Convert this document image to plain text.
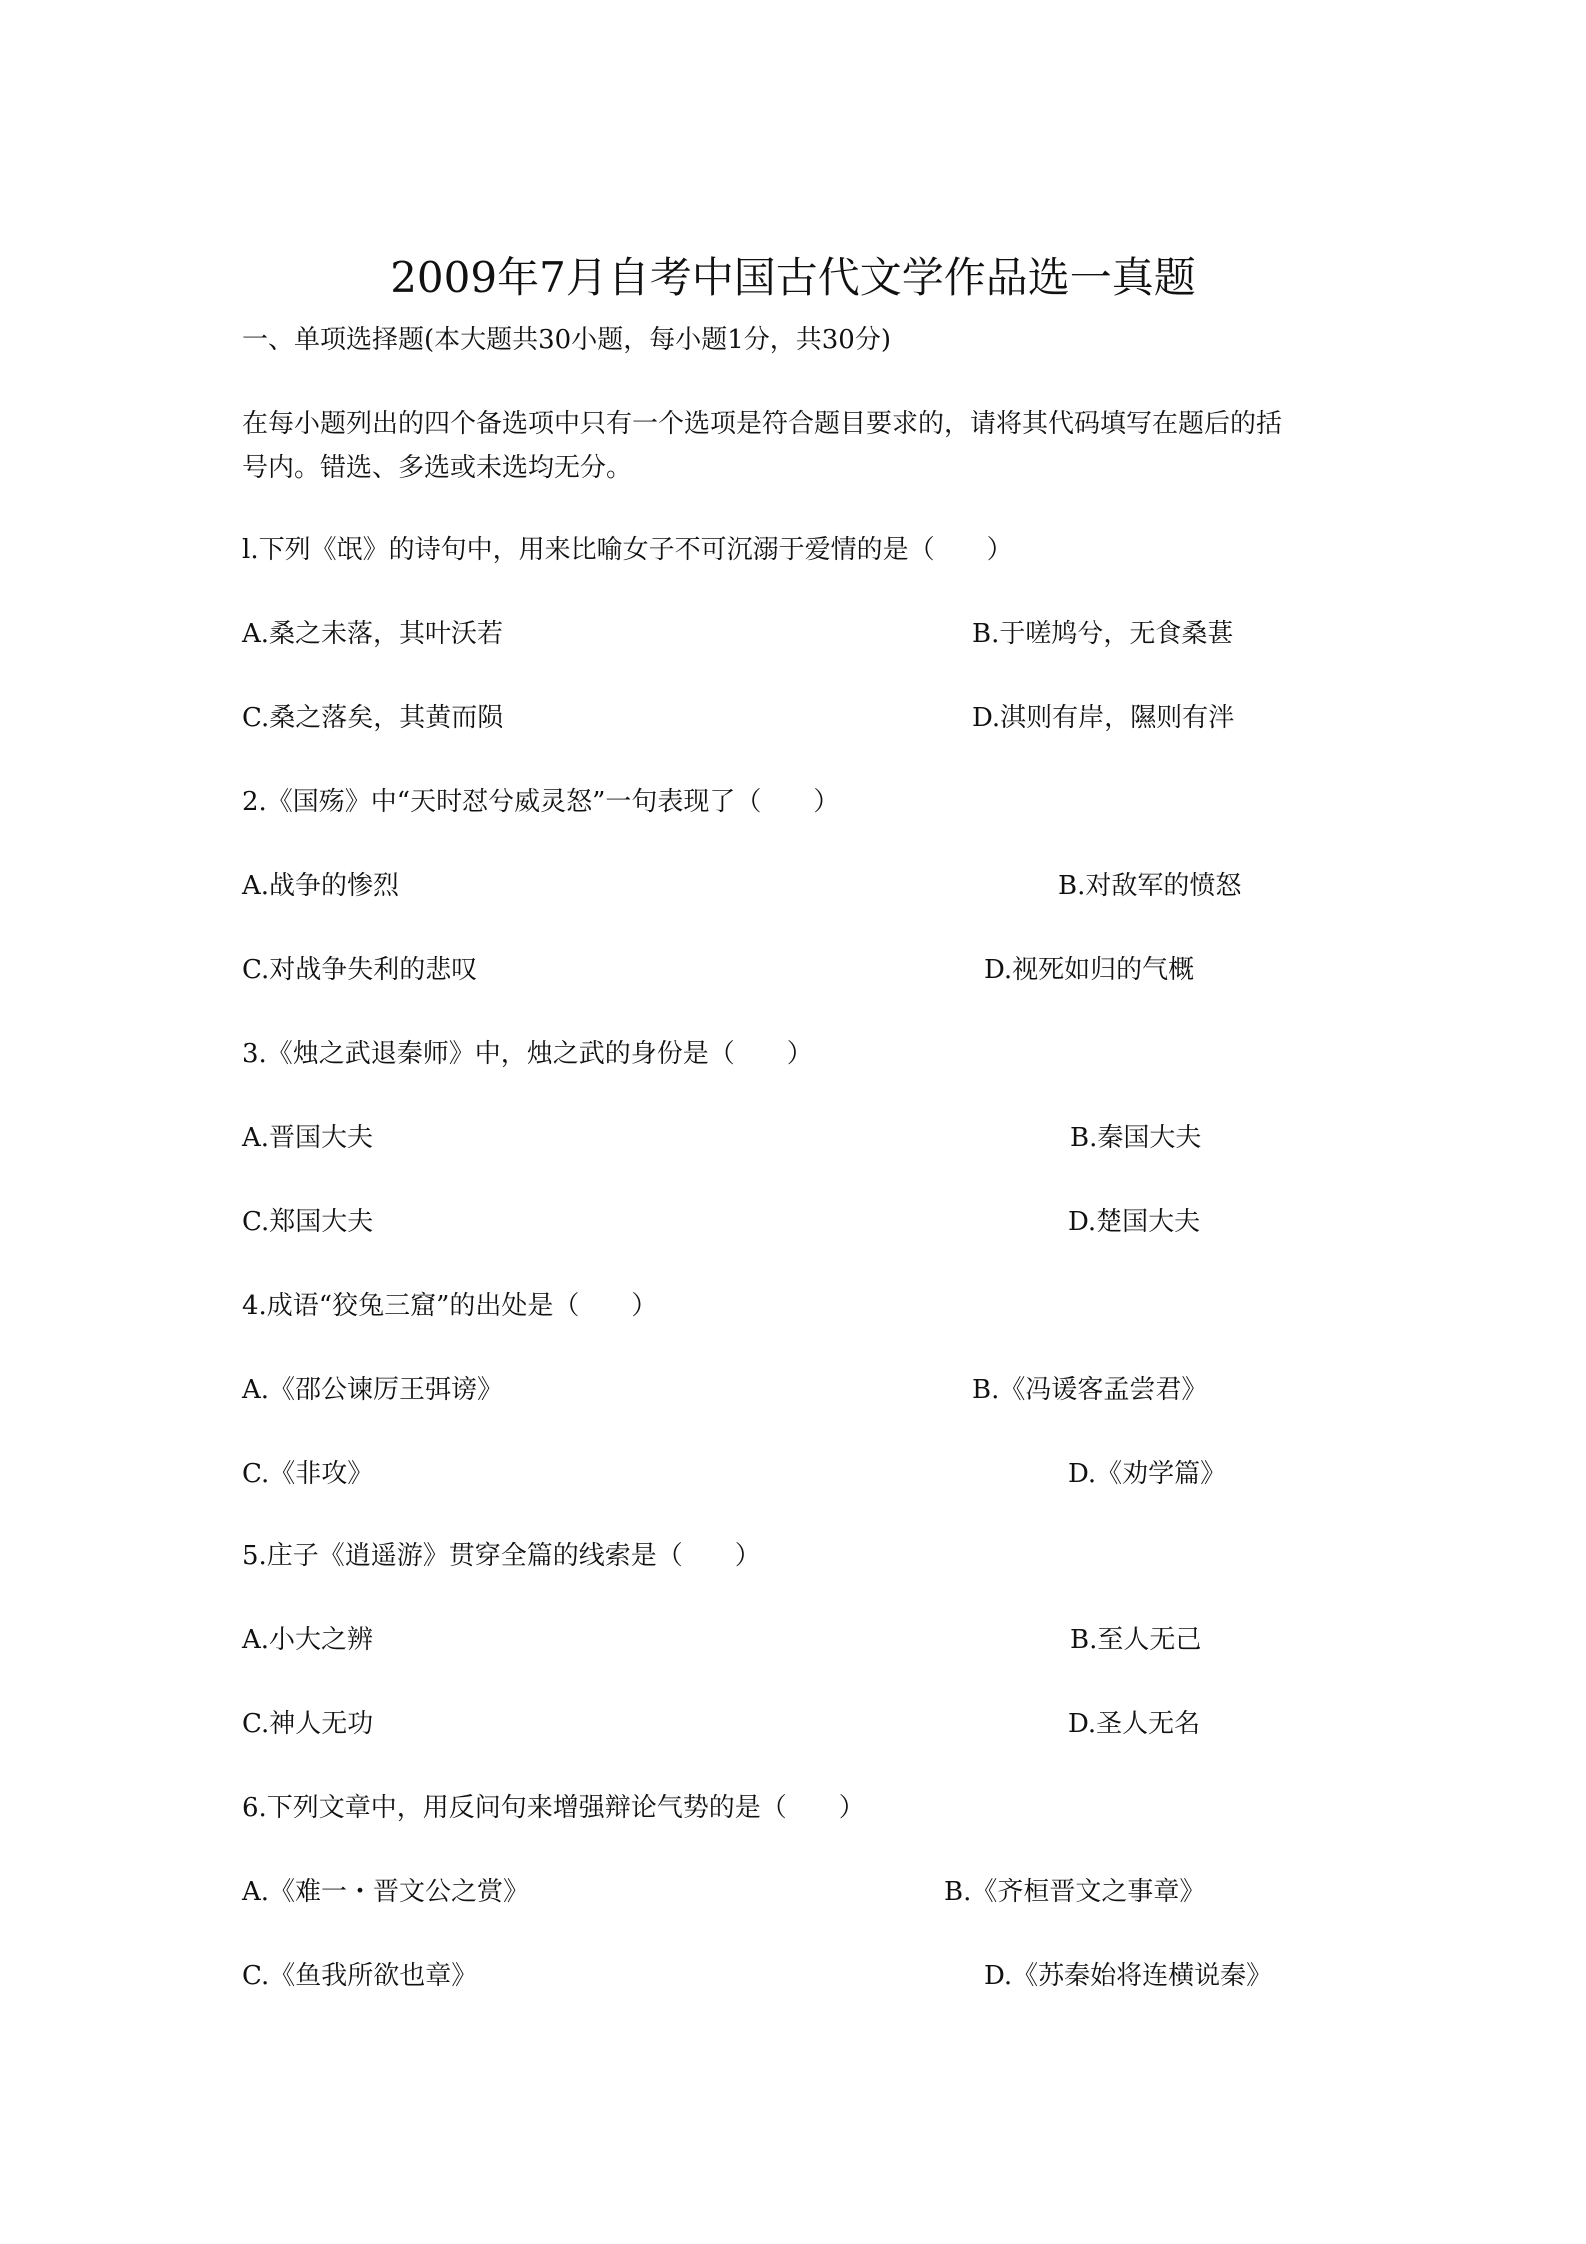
2009年7月自考中国古代文学作品选一真题
一、单项选择题(本大题共30小题，每小题1分，共30分)
在每小题列出的四个备选项中只有一个选项是符合题目要求的，请将其代码填写在题后的括
号内。错选、多选或未选均无分。
l.下列《氓》的诗句中，用来比喻女子不可沉溺于爱情的是（　　）
A.桑之未落，其叶沃若	B.于嗟鸠兮，无食桑葚
C.桑之落矣，其黄而陨	D.淇则有岸，隰则有泮
2.《国殇》中“天时怼兮威灵怒”一句表现了（　　）
A.战争的惨烈	B.对敌军的愤怒
C.对战争失利的悲叹	D.视死如归的气概
3.《烛之武退秦师》中，烛之武的身份是（　　）
A.晋国大夫	B.秦国大夫
C.郑国大夫	D.楚国大夫
4.成语“狡兔三窟”的出处是（　　）
A.《邵公谏厉王弭谤》	B.《冯谖客孟尝君》
C.《非攻》	D.《劝学篇》
5.庄子《逍遥游》贯穿全篇的线索是（　　）
A.小大之辨	B.至人无己
C.神人无功	D.圣人无名
6.下列文章中，用反问句来增强辩论气势的是（　　）
A.《难一・晋文公之赏》	B.《齐桓晋文之事章》
C.《鱼我所欲也章》	D.《苏秦始将连横说秦》
